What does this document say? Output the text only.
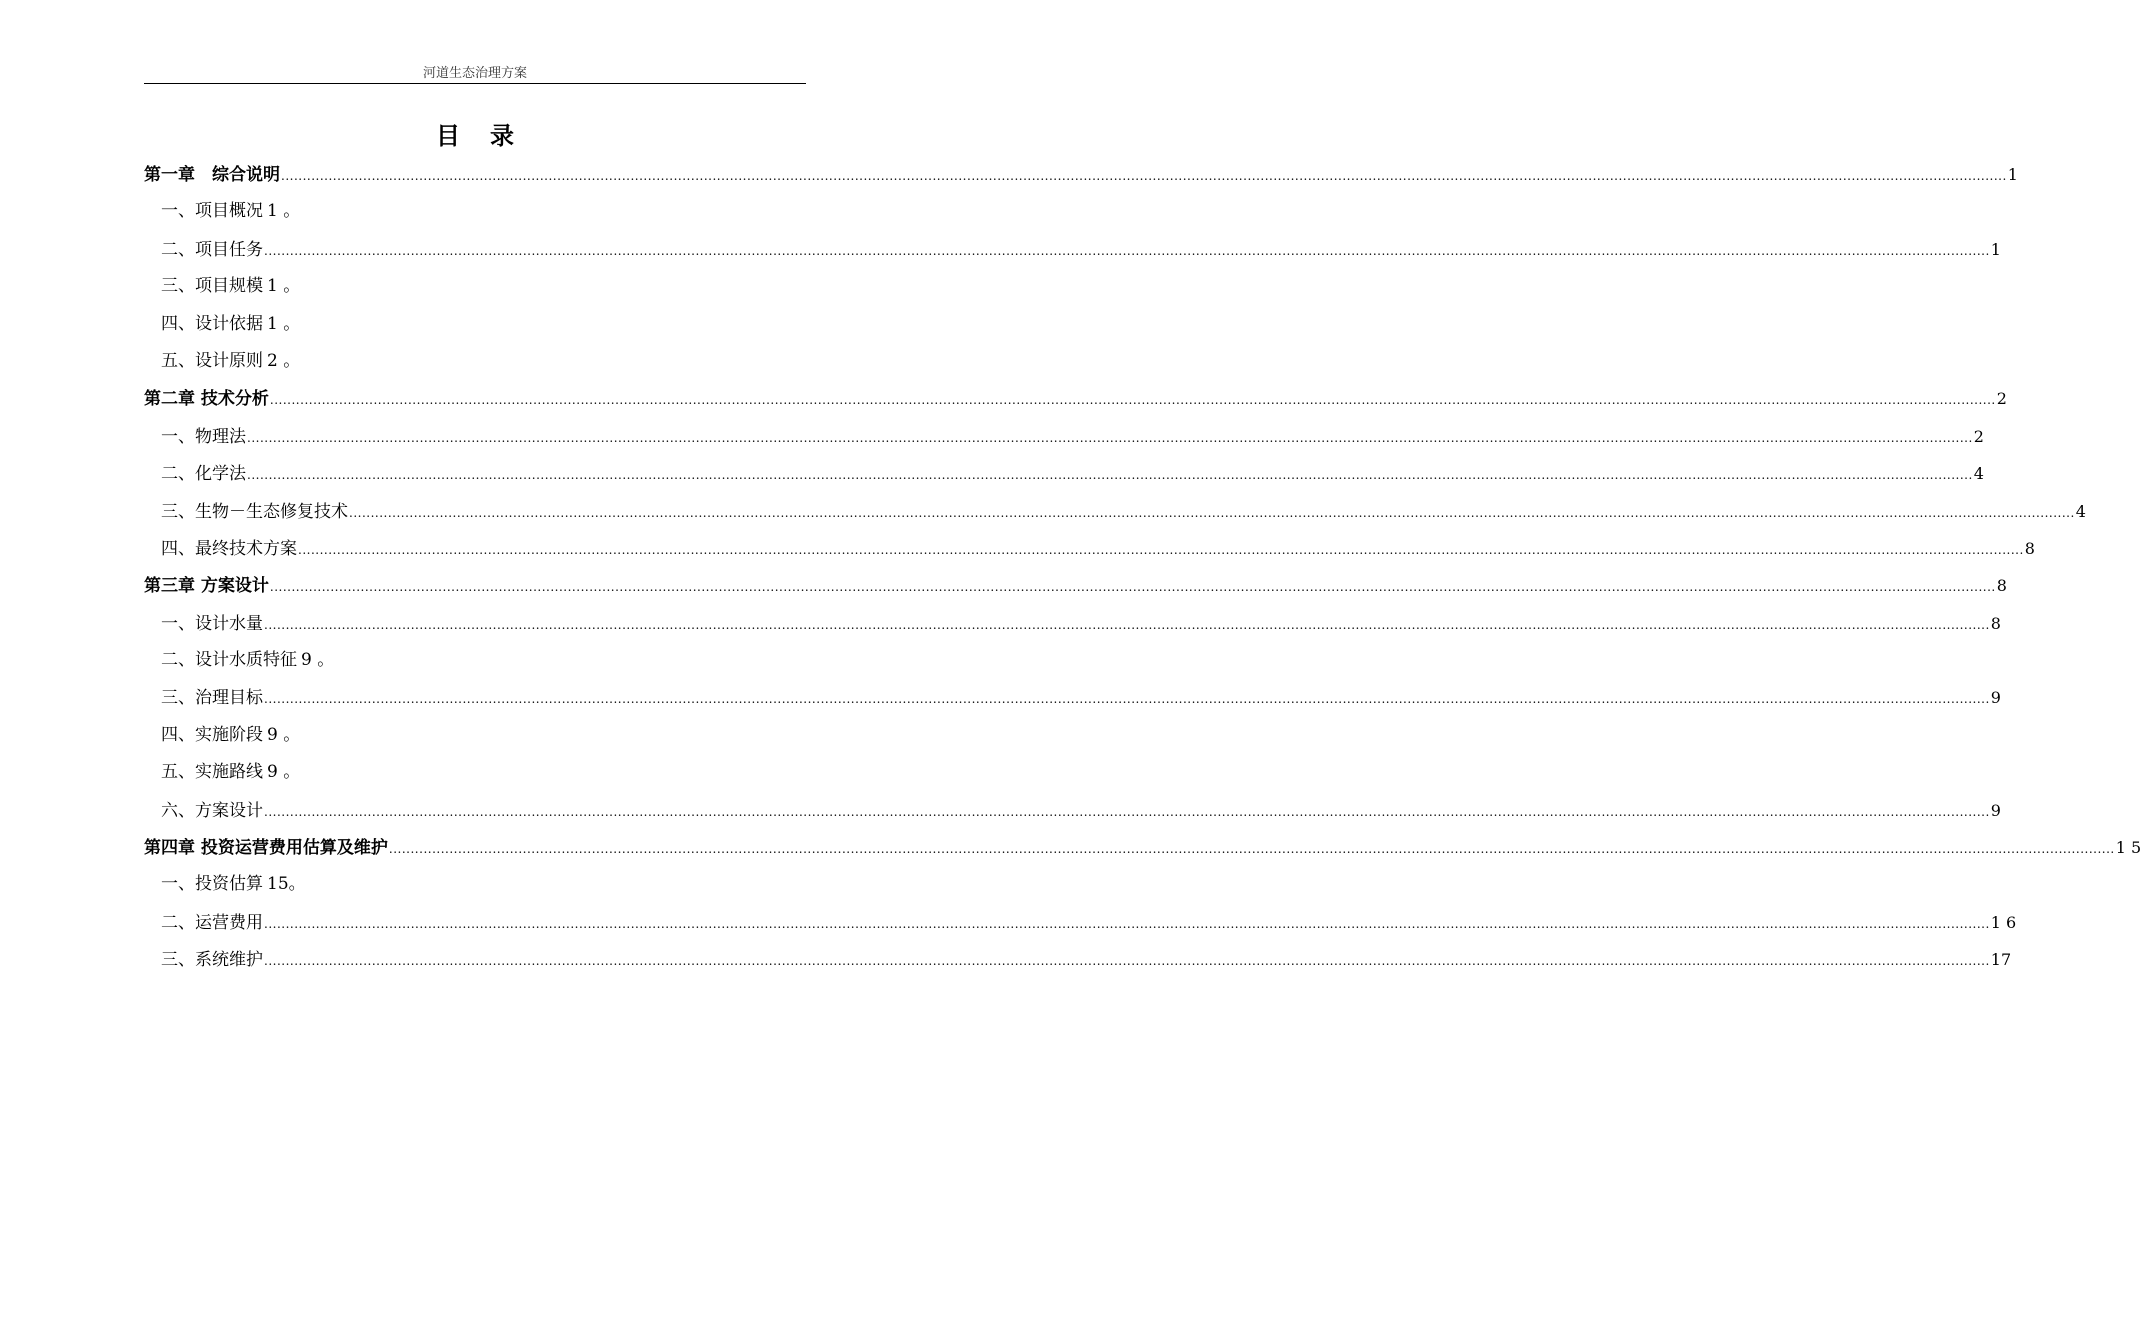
河道生态治理方案
目录
第一章　综合说明 ................................................................................................................................................................................................................................................................................................................................................................................................................ 1
一、项目概况 1 ｡
二、项目任务 ................................................................................................................................................................................................................................................................................................................................................................................................................ 1
三、项目规模 1 ｡
四、设计依据 1 ｡
五、设计原则 2 ｡
第二章 技术分析 ................................................................................................................................................................................................................................................................................................................................................................................................................ 2
一、物理法 ................................................................................................................................................................................................................................................................................................................................................................................................................ 2
二、化学法 ................................................................................................................................................................................................................................................................................................................................................................................................................ 4
三、生物－生态修复技术 ................................................................................................................................................................................................................................................................................................................................................................................................................ 4
四、最终技术方案 ................................................................................................................................................................................................................................................................................................................................................................................................................ 8
第三章 方案设计 ................................................................................................................................................................................................................................................................................................................................................................................................................ 8
一、设计水量 ................................................................................................................................................................................................................................................................................................................................................................................................................ 8
二、设计水质特征 9 ｡
三、治理目标 ................................................................................................................................................................................................................................................................................................................................................................................................................ 9
四、实施阶段 9 ｡
五、实施路线 9 ｡
六、方案设计 ................................................................................................................................................................................................................................................................................................................................................................................................................ 9
第四章 投资运营费用估算及维护 ................................................................................................................................................................................................................................................................................................................................................................................................................ 1 5
一、投资估算 15｡
二、运营费用 ................................................................................................................................................................................................................................................................................................................................................................................................................ 1 6
三、系统维护 ................................................................................................................................................................................................................................................................................................................................................................................................................ 17
